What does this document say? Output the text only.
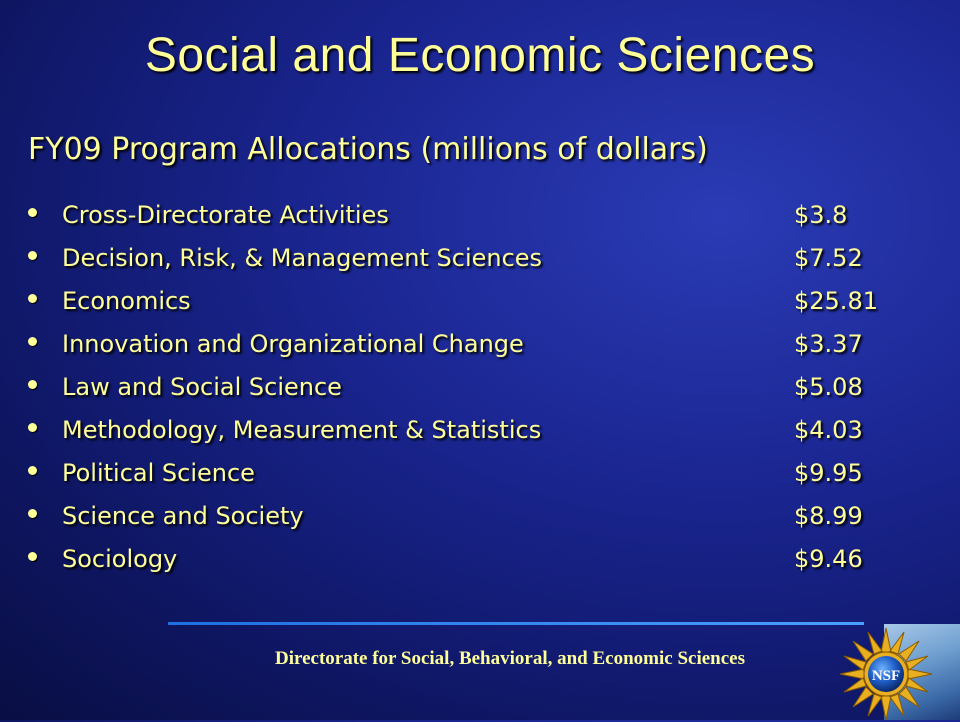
Social and Economic Sciences
FY09 Program Allocations (millions of dollars)
Cross-Directorate Activities	$3.8
Decision, Risk, & Management Sciences	$7.52
Economics	$25.81
Innovation and Organizational Change	$3.37
Law and Social Science	$5.08
Methodology, Measurement & Statistics	$4.03
Political Science	$9.95
Science and Society	$8.99
Sociology	$9.46
Directorate for Social, Behavioral, and Economic Sciences
NSF
